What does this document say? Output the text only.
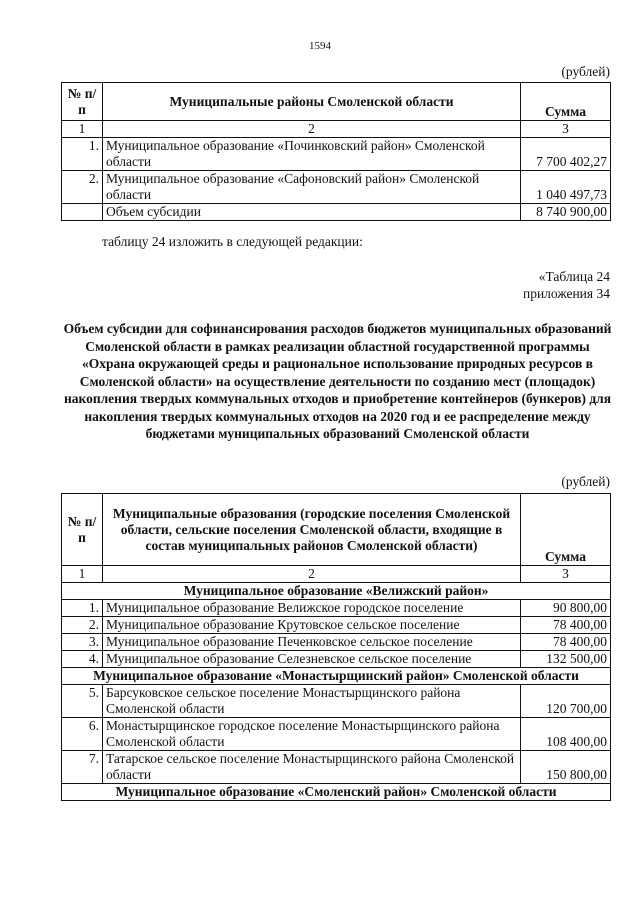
1594
(рублей)
№ п/п	Муниципальные районы Смоленской области	Сумма
1	2	3
1.	Муниципальное образование «Починковский район» Смоленской области	7 700 402,27
2.	Муниципальное образование «Сафоновский район» Смоленской области	1 040 497,73
	Объем субсидии	8 740 900,00
таблицу 24 изложить в следующей редакции:
«Таблица 24
приложения 34
Объем субсидии для софинансирования расходов бюджетов муниципальных образований Смоленской области в рамках реализации областной государственной программы «Охрана окружающей среды и рациональное использование природных ресурсов в Смоленской области» на осуществление деятельности по созданию мест (площадок) накопления твердых коммунальных отходов и приобретение контейнеров (бункеров) для накопления твердых коммунальных отходов на 2020 год и ее распределение между бюджетами муниципальных образований Смоленской области
(рублей)
№ п/п	Муниципальные образования (городские поселения Смоленской области, сельские поселения Смоленской области, входящие в состав муниципальных районов Смоленской области)	Сумма
1	2	3
Муниципальное образование «Велижский район»		
1.	Муниципальное образование Велижское городское поселение	90 800,00
2.	Муниципальное образование Крутовское сельское поселение	78 400,00
3.	Муниципальное образование Печенковское сельское поселение	78 400,00
4.	Муниципальное образование Селезневское сельское поселение	132 500,00
Муниципальное образование «Монастырщинский район» Смоленской области		
5.	Барсуковское сельское поселение Монастырщинского района Смоленской области	120 700,00
6.	Монастырщинское городское поселение Монастырщинского района Смоленской области	108 400,00
7.	Татарское сельское поселение Монастырщинского района Смоленской области	150 800,00
Муниципальное образование «Смоленский район» Смоленской области		
